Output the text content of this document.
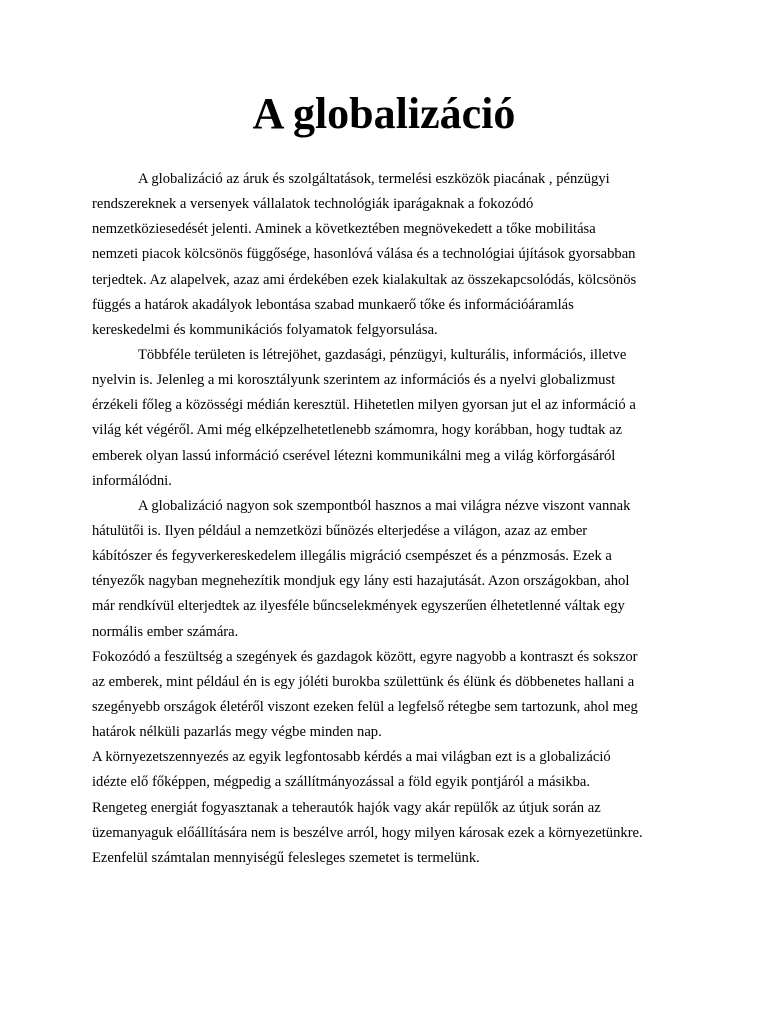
A globalizáció
A globalizáció az áruk és szolgáltatások, termelési eszközök piacának , pénzügyi
rendszereknek a versenyek vállalatok technológiák iparágaknak a fokozódó
nemzetköziesedését jelenti. Aminek a következtében megnövekedett a tőke mobilitása
nemzeti piacok kölcsönös függősége, hasonlóvá válása és a technológiai újítások gyorsabban
terjedtek. Az alapelvek, azaz ami érdekében ezek kialakultak az összekapcsolódás, kölcsönös
függés a határok akadályok lebontása szabad munkaerő tőke és információáramlás
kereskedelmi és kommunikációs folyamatok felgyorsulása.
Többféle területen is létrejöhet, gazdasági, pénzügyi, kulturális, információs, illetve
nyelvin is. Jelenleg a mi korosztályunk szerintem az információs és a nyelvi globalizmust
érzékeli főleg a közösségi médián keresztül. Hihetetlen milyen gyorsan jut el az információ a
világ két végéről. Ami még elképzelhetetlenebb számomra, hogy korábban, hogy tudtak az
emberek olyan lassú információ cserével létezni kommunikálni meg a világ körforgásáról
informálódni.
A globalizáció nagyon sok szempontból hasznos a mai világra nézve viszont vannak
hátulütői is. Ilyen például a nemzetközi bűnözés elterjedése a világon, azaz az ember
kábítószer és fegyverkereskedelem illegális migráció csempészet és a pénzmosás. Ezek a
tényezők nagyban megnehezítik mondjuk egy lány esti hazajutását. Azon országokban, ahol
már rendkívül elterjedtek az ilyesféle bűncselekmények egyszerűen élhetetlenné váltak egy
normális ember számára.
Fokozódó a feszültség a szegények és gazdagok között, egyre nagyobb a kontraszt és sokszor
az emberek, mint például én is egy jóléti burokba születtünk és élünk és döbbenetes hallani a
szegényebb országok életéről viszont ezeken felül a legfelső rétegbe sem tartozunk, ahol meg
határok nélküli pazarlás megy végbe minden nap.
A környezetszennyezés az egyik legfontosabb kérdés a mai világban ezt is a globalizáció
idézte elő főképpen, mégpedig a szállítmányozással a föld egyik pontjáról a másikba.
Rengeteg energiát fogyasztanak a teherautók hajók vagy akár repülők az útjuk során az
üzemanyaguk előállítására nem is beszélve arról, hogy milyen károsak ezek a környezetünkre.
Ezenfelül számtalan mennyiségű felesleges szemetet is termelünk.
